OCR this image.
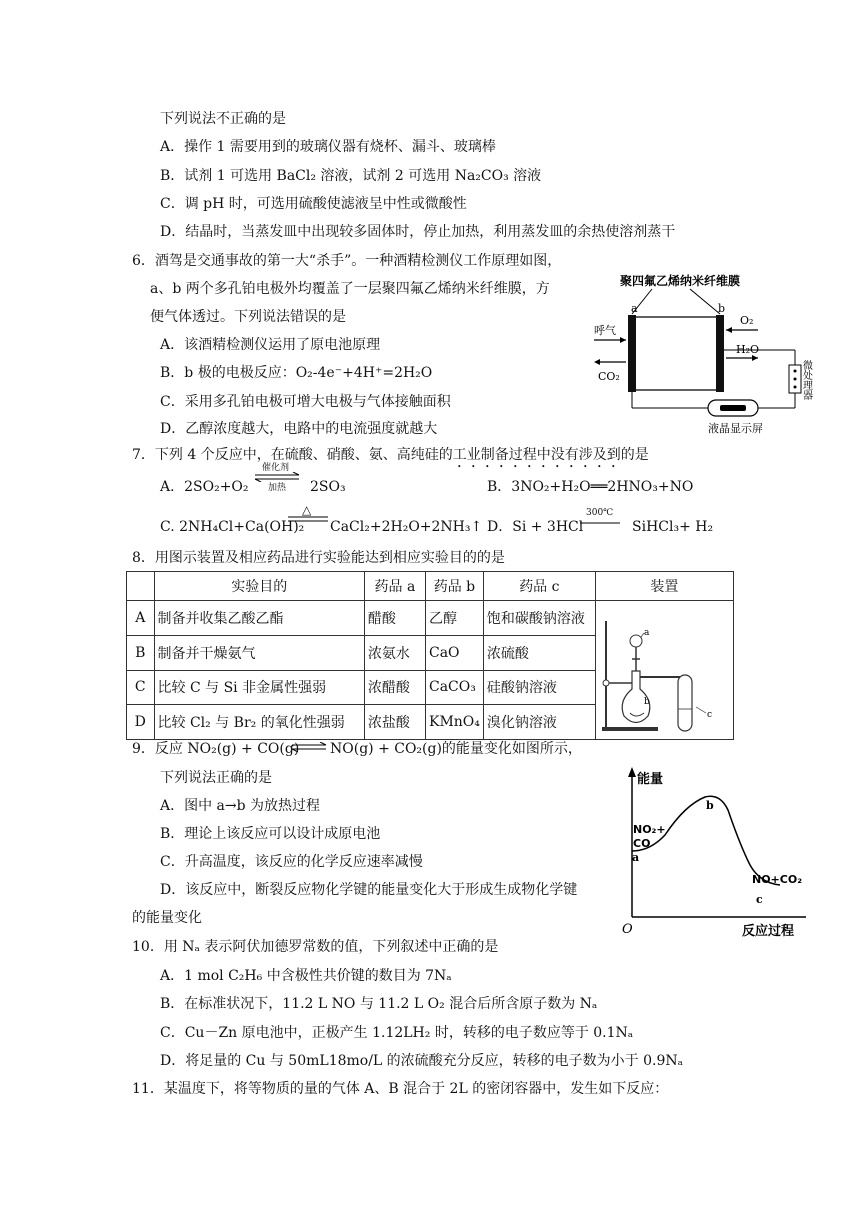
下列说法不正确的是
A．操作 1 需要用到的玻璃仪器有烧杯、漏斗、玻璃棒
B．试剂 1 可选用 BaCl₂ 溶液，试剂 2 可选用 Na₂CO₃ 溶液
C．调 pH 时，可选用硫酸使滤液呈中性或微酸性
D．结晶时，当蒸发皿中出现较多固体时，停止加热，利用蒸发皿的余热使溶剂蒸干
6．酒驾是交通事故的第一大“杀手”。一种酒精检测仪工作原理如图，
a、b 两个多孔铂电极外均覆盖了一层聚四氟乙烯纳米纤维膜，方
便气体透过。下列说法错误的是
A．该酒精检测仪运用了原电池原理
B．b 极的电极反应：O₂-4e⁻+4H⁺=2H₂O
C．采用多孔铂电极可增大电极与气体接触面积
D．乙醇浓度越大，电路中的电流强度就越大
聚四氟乙烯纳米纤维膜
a	b
呼气
CO₂
O₂
H₂O
液晶显示屏
微处理器
7．下列 4 个反应中，在硫酸、硝酸、氨、高纯硅的工业制备过程中没有涉及到的是
A．2SO₂+O₂
催化剂
加热 2SO₃	B．3NO₂+H₂O══2HNO₃+NO
C. 2NH₄Cl+Ca(OH)₂
△
CaCl₂+2H₂O+2NH₃↑ D．Si + 3HCl
300℃
SiHCl₃+ H₂
8．用图示装置及相应药品进行实验能达到相应实验目的的是
	实验目的	药品 a	药品 b	药品 c	装置
A	制备并收集乙酸乙酯	醋酸	乙醇	饱和碳酸钠溶液	a
b
c

B	制备并干燥氨气	浓氨水	CaO	浓硫酸	
C	比较 C 与 Si 非金属性强弱	浓醋酸	CaCO₃	硅酸钠溶液	
D	比较 Cl₂ 与 Br₂ 的氧化性强弱	浓盐酸	KMnO₄	溴化钠溶液	
9．反应 NO₂(g) + CO(g) ⇌ NO(g) + CO₂(g)的能量变化如图所示，
下列说法正确的是
A．图中 a→b 为放热过程
B．理论上该反应可以设计成原电池
C．升高温度，该反应的化学反应速率减慢
D．该反应中，断裂反应物化学键的能量变化大于形成生成物化学键
的能量变化
能量
O	反应过程
NO₂+
CO
a
b
c
NO+CO₂
10．用 Nₐ 表示阿伏加德罗常数的值，下列叙述中正确的是
A．1 mol C₂H₆ 中含极性共价键的数目为 7Nₐ
B．在标准状况下，11.2 L NO 与 11.2 L O₂ 混合后所含原子数为 Nₐ
C．Cu－Zn 原电池中，正极产生 1.12LH₂ 时，转移的电子数应等于 0.1Nₐ
D．将足量的 Cu 与 50mL18mo/L 的浓硫酸充分反应，转移的电子数为小于 0.9Nₐ
11．某温度下，将等物质的量的气体 A、B 混合于 2L 的密闭容器中，发生如下反应：
